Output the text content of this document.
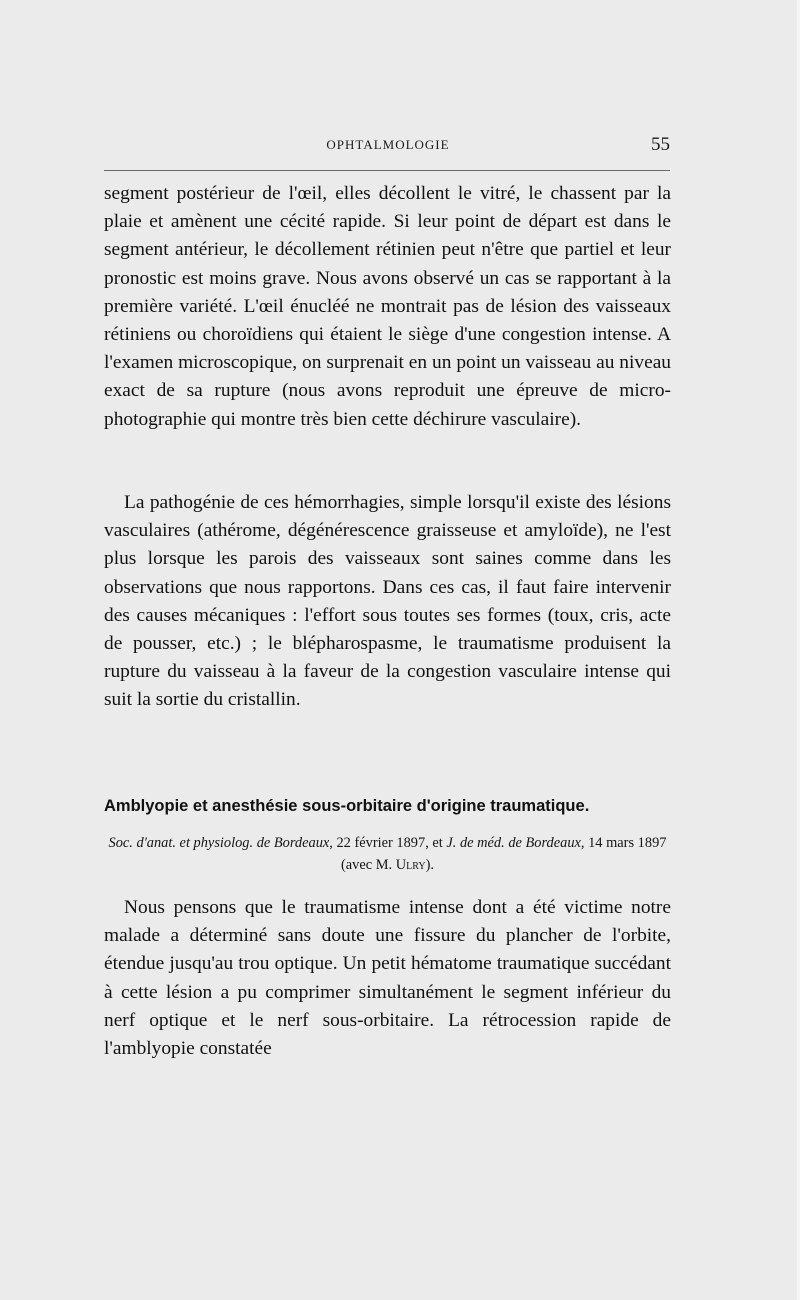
OPHTALMOLOGIE	55
segment postérieur de l'œil, elles décollent le vitré, le chassent par la plaie et amènent une cécité rapide. Si leur point de départ est dans le segment antérieur, le décollement rétinien peut n'être que partiel et leur pronostic est moins grave. Nous avons observé un cas se rapportant à la première variété. L'œil énucléé ne montrait pas de lésion des vaisseaux rétiniens ou choroïdiens qui étaient le siège d'une congestion intense. A l'examen microscopique, on surprenait en un point un vaisseau au niveau exact de sa rupture (nous avons reproduit une épreuve de micro-photographie qui montre très bien cette déchirure vasculaire).
La pathogénie de ces hémorrhagies, simple lorsqu'il existe des lésions vasculaires (athérome, dégénérescence graisseuse et amyloïde), ne l'est plus lorsque les parois des vaisseaux sont saines comme dans les observations que nous rapportons. Dans ces cas, il faut faire intervenir des causes mécaniques : l'effort sous toutes ses formes (toux, cris, acte de pousser, etc.) ; le blépharospasme, le traumatisme produisent la rupture du vaisseau à la faveur de la congestion vasculaire intense qui suit la sortie du cristallin.
Amblyopie et anesthésie sous-orbitaire d'origine traumatique.
Soc. d'anat. et physiolog. de Bordeaux, 22 février 1897, et J. de méd. de Bordeaux, 14 mars 1897 (avec M. Ulry).
Nous pensons que le traumatisme intense dont a été victime notre malade a déterminé sans doute une fissure du plancher de l'orbite, étendue jusqu'au trou optique. Un petit hématome traumatique succédant à cette lésion a pu comprimer simultanément le segment inférieur du nerf optique et le nerf sous-orbitaire. La rétrocession rapide de l'amblyopie constatée
